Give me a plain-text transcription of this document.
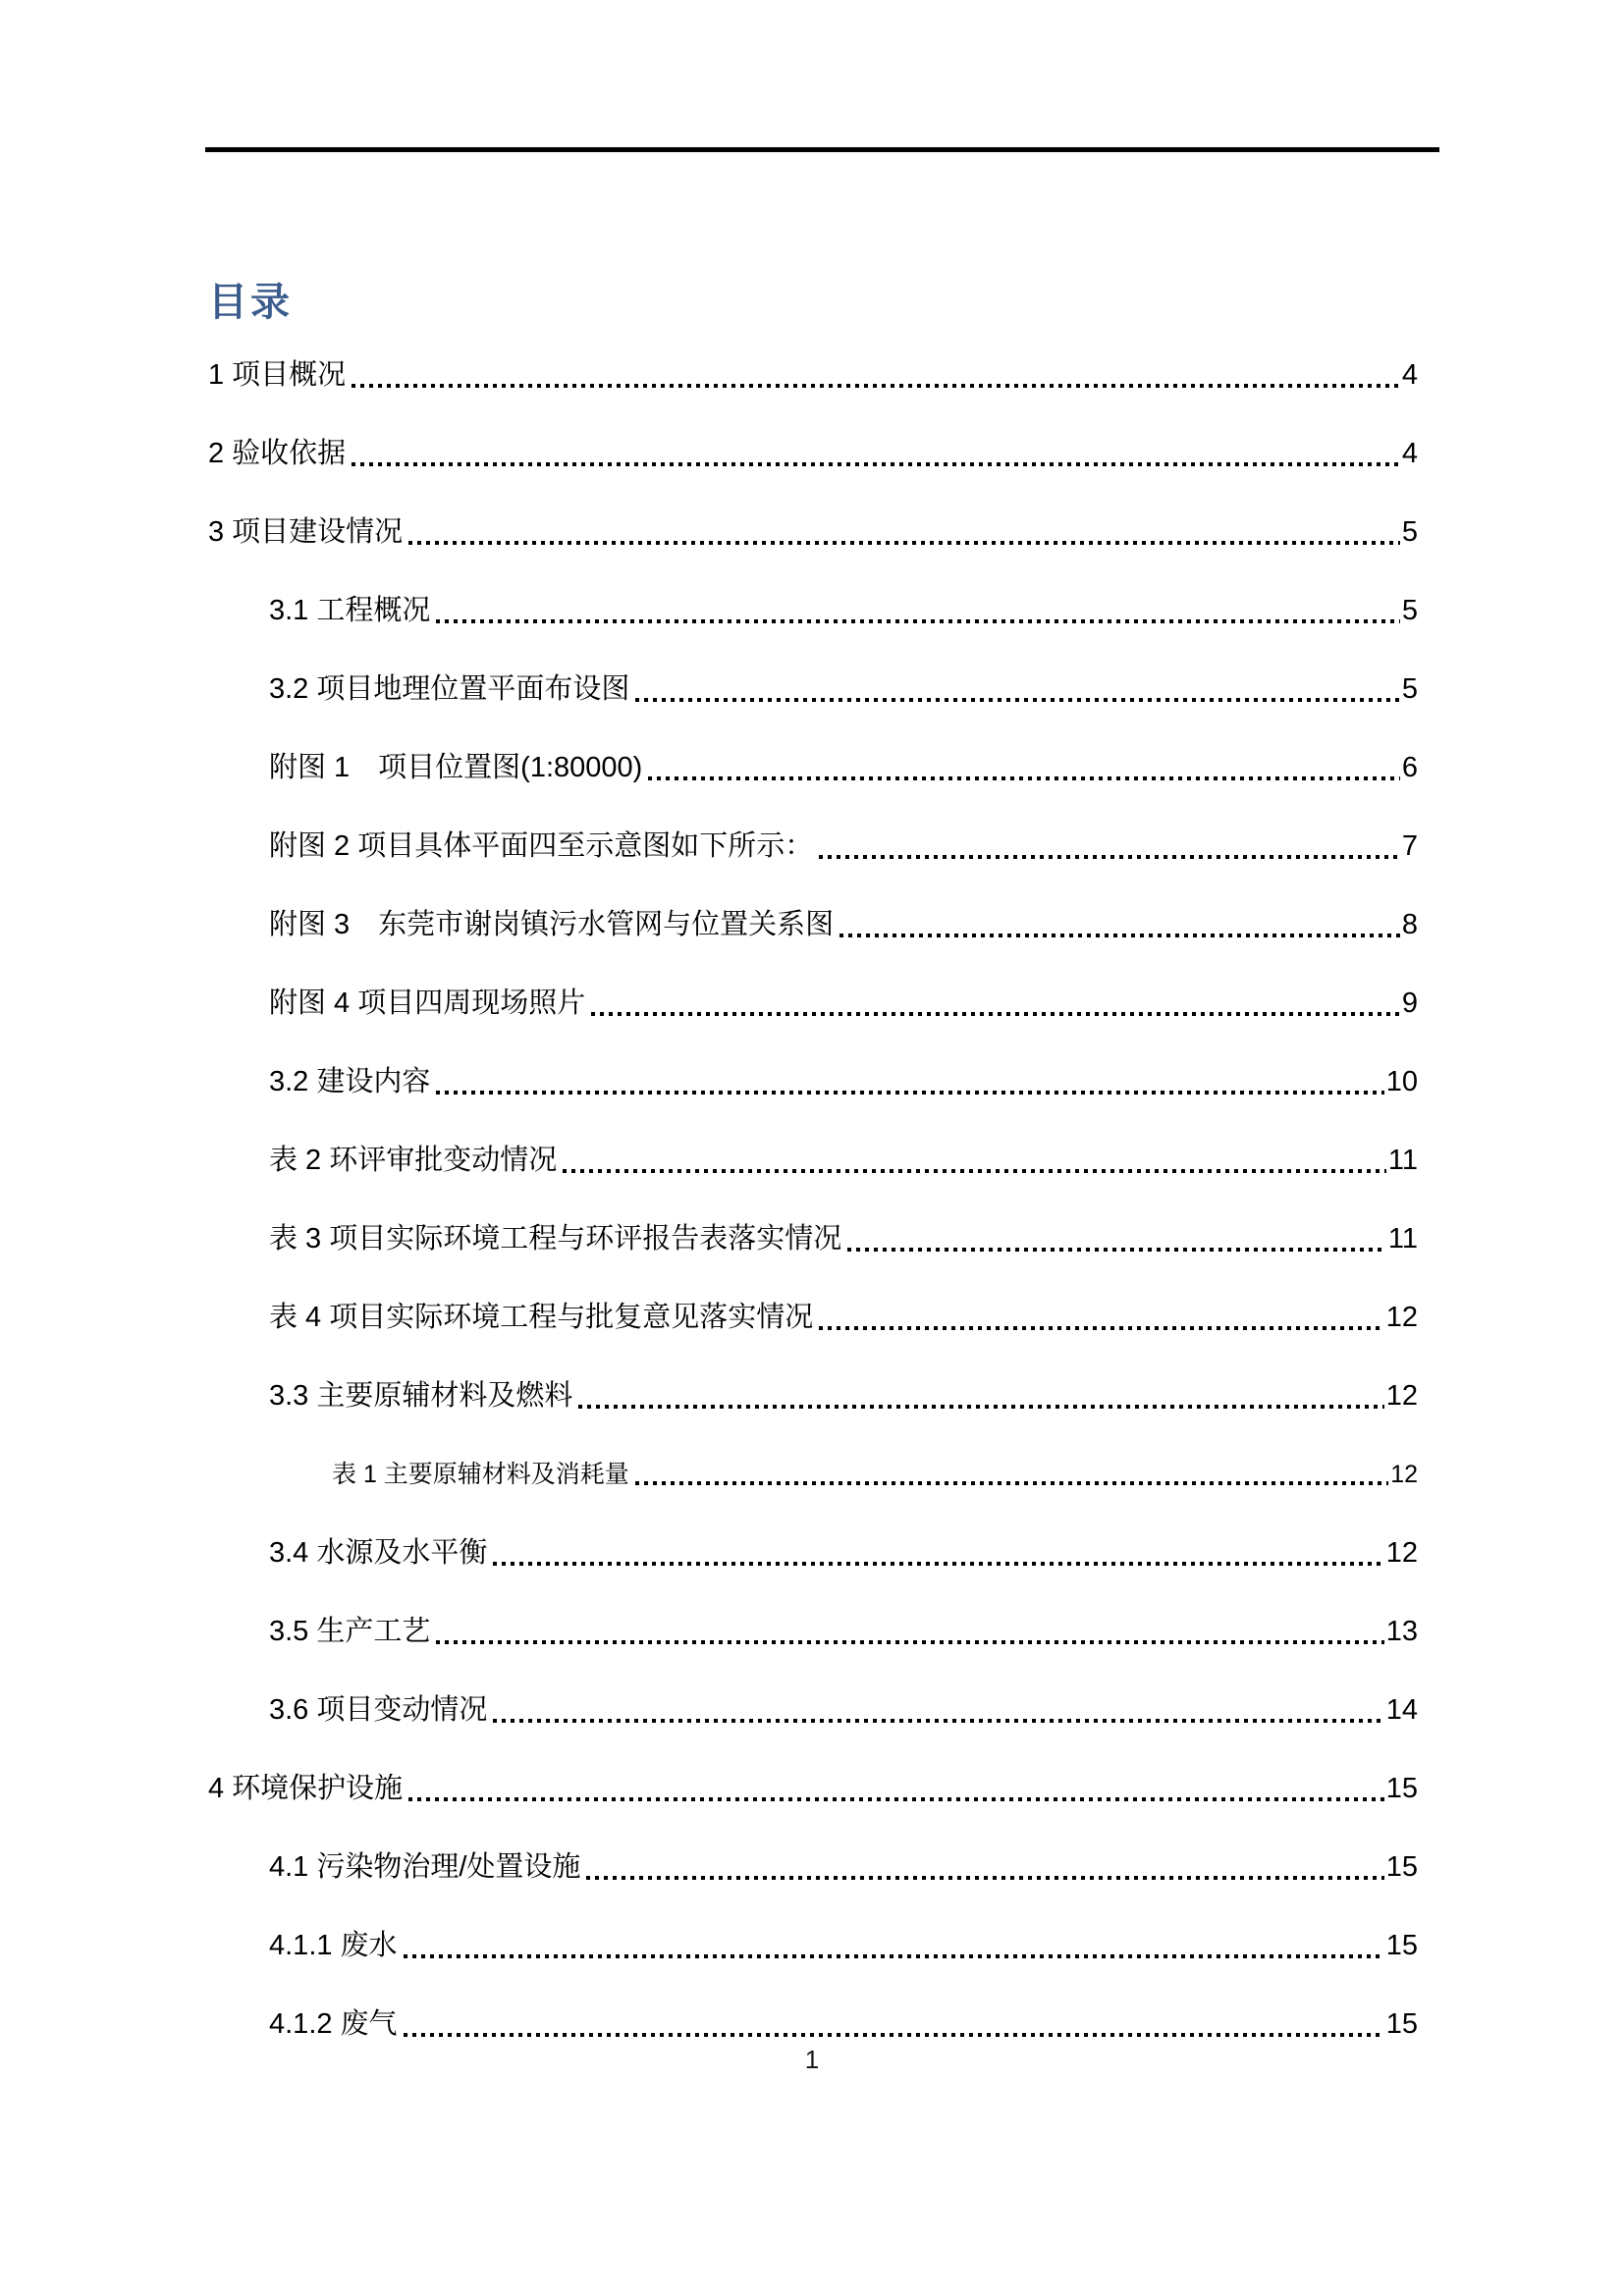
目录
1 项目概况	4
2 验收依据	4
3 项目建设情况	5
3.1 工程概况	5
3.2 项目地理位置平面布设图	5
附图 1　项目位置图(1:80000)	6
附图 2 项目具体平面四至示意图如下所示：	7
附图 3　东莞市谢岗镇污水管网与位置关系图	8
附图 4 项目四周现场照片	9
3.2 建设内容	10
表 2 环评审批变动情况	11
表 3 项目实际环境工程与环评报告表落实情况	11
表 4 项目实际环境工程与批复意见落实情况	12
3.3 主要原辅材料及燃料	12
表 1 主要原辅材料及消耗量	12
3.4 水源及水平衡	12
3.5 生产工艺	13
3.6 项目变动情况	14
4 环境保护设施	15
4.1 污染物治理/处置设施	15
4.1.1 废水	15
4.1.2 废气	15
1
